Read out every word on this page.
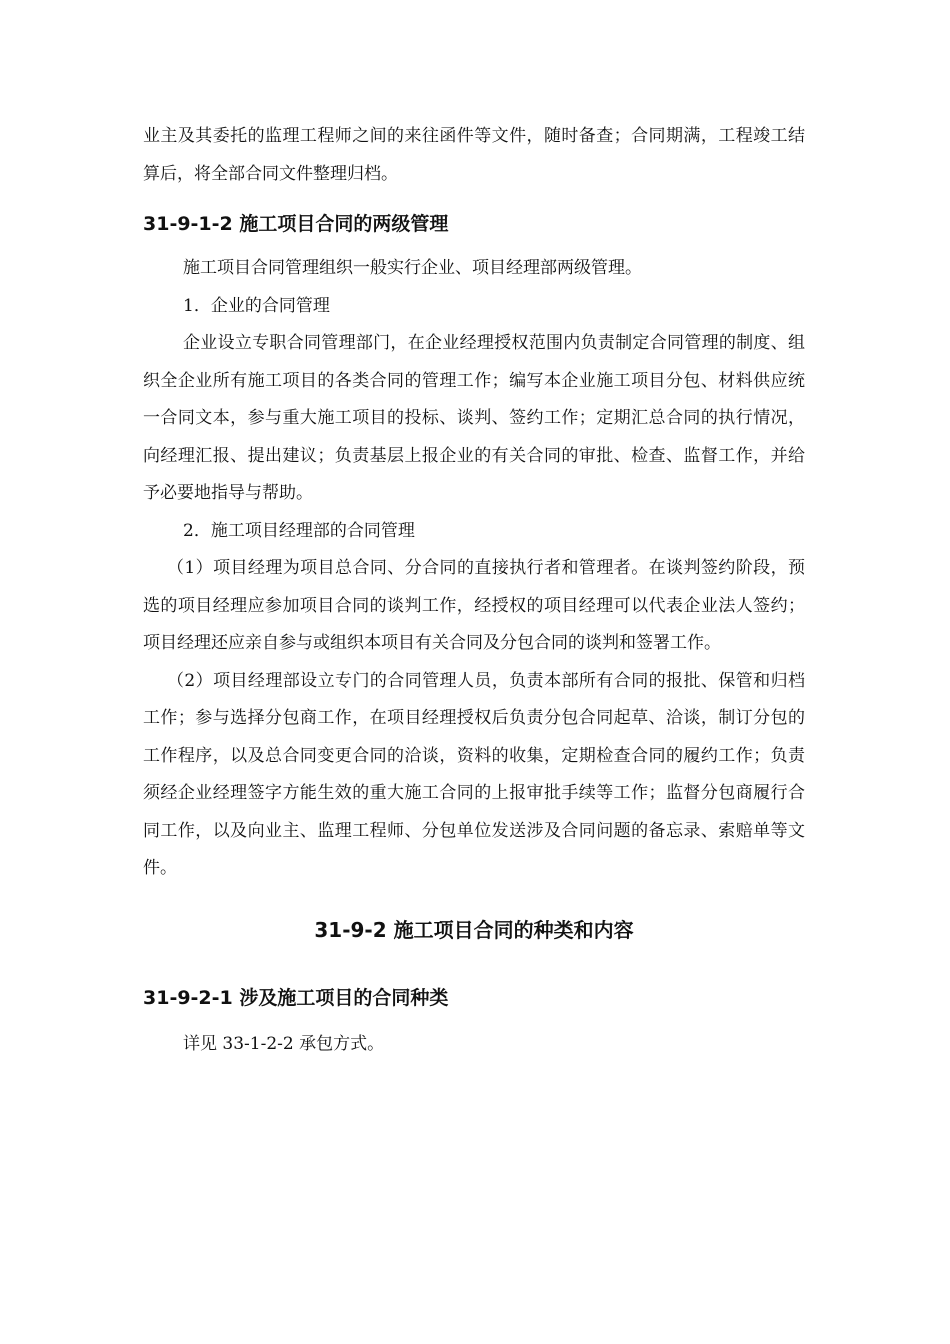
业主及其委托的监理工程师之间的来往函件等文件，随时备查；合同期满，工程竣工结算后，将全部合同文件整理归档。

31-9-1-2 施工项目合同的两级管理

施工项目合同管理组织一般实行企业、项目经理部两级管理。

1．企业的合同管理

企业设立专职合同管理部门，在企业经理授权范围内负责制定合同管理的制度、组织全企业所有施工项目的各类合同的管理工作；编写本企业施工项目分包、材料供应统一合同文本，参与重大施工项目的投标、谈判、签约工作；定期汇总合同的执行情况，向经理汇报、提出建议；负责基层上报企业的有关合同的审批、检查、监督工作，并给予必要地指导与帮助。

2．施工项目经理部的合同管理

（1）项目经理为项目总合同、分合同的直接执行者和管理者。在谈判签约阶段，预选的项目经理应参加项目合同的谈判工作，经授权的项目经理可以代表企业法人签约；项目经理还应亲自参与或组织本项目有关合同及分包合同的谈判和签署工作。

（2）项目经理部设立专门的合同管理人员，负责本部所有合同的报批、保管和归档工作；参与选择分包商工作，在项目经理授权后负责分包合同起草、洽谈，制订分包的工作程序，以及总合同变更合同的洽谈，资料的收集，定期检查合同的履约工作；负责须经企业经理签字方能生效的重大施工合同的上报审批手续等工作；监督分包商履行合同工作，以及向业主、监理工程师、分包单位发送涉及合同问题的备忘录、索赔单等文件。

31-9-2 施工项目合同的种类和内容
31-9-2-1 涉及施工项目的合同种类

详见 33-1-2-2 承包方式。
